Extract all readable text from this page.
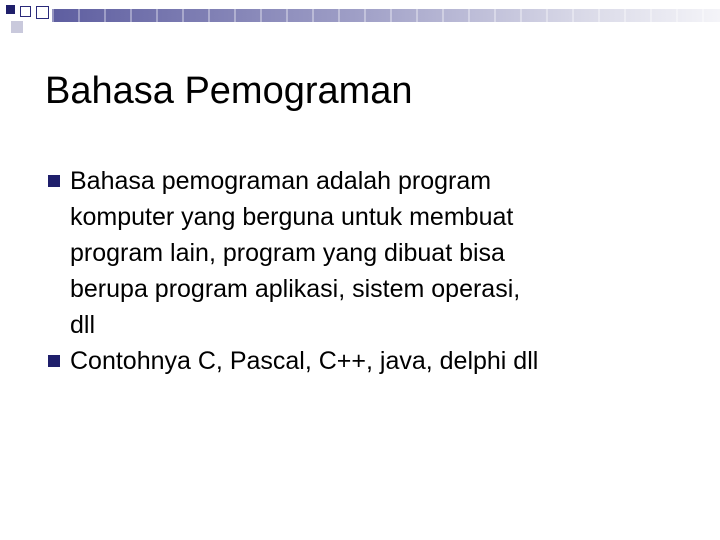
Bahasa Pemograman
Bahasa pemograman adalah program
komputer yang berguna untuk membuat
program lain, program yang dibuat bisa
berupa program aplikasi, sistem operasi,
dll
Contohnya C, Pascal, C++, java, delphi dll
